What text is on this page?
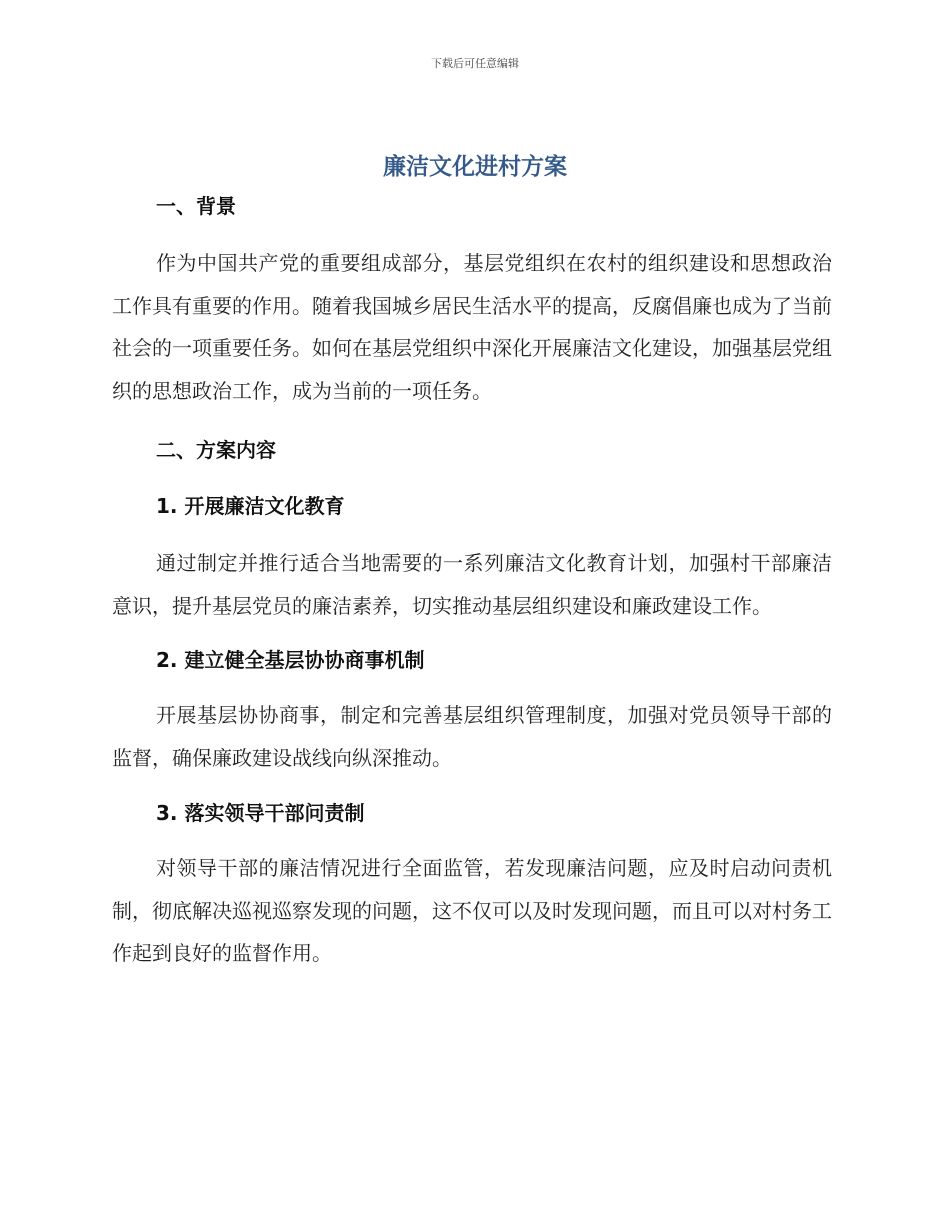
下载后可任意编辑
廉洁文化进村方案

一、背景

作为中国共产党的重要组成部分，基层党组织在农村的组织建设和思想政治工作具有重要的作用。随着我国城乡居民生活水平的提高，反腐倡廉也成为了当前社会的一项重要任务。如何在基层党组织中深化开展廉洁文化建设，加强基层党组织的思想政治工作，成为当前的一项任务。

二、方案内容

1. 开展廉洁文化教育

通过制定并推行适合当地需要的一系列廉洁文化教育计划，加强村干部廉洁意识，提升基层党员的廉洁素养，切实推动基层组织建设和廉政建设工作。

2. 建立健全基层协协商事机制

开展基层协协商事，制定和完善基层组织管理制度，加强对党员领导干部的监督，确保廉政建设战线向纵深推动。

3. 落实领导干部问责制

对领导干部的廉洁情况进行全面监管，若发现廉洁问题，应及时启动问责机制，彻底解决巡视巡察发现的问题，这不仅可以及时发现问题，而且可以对村务工作起到良好的监督作用。
